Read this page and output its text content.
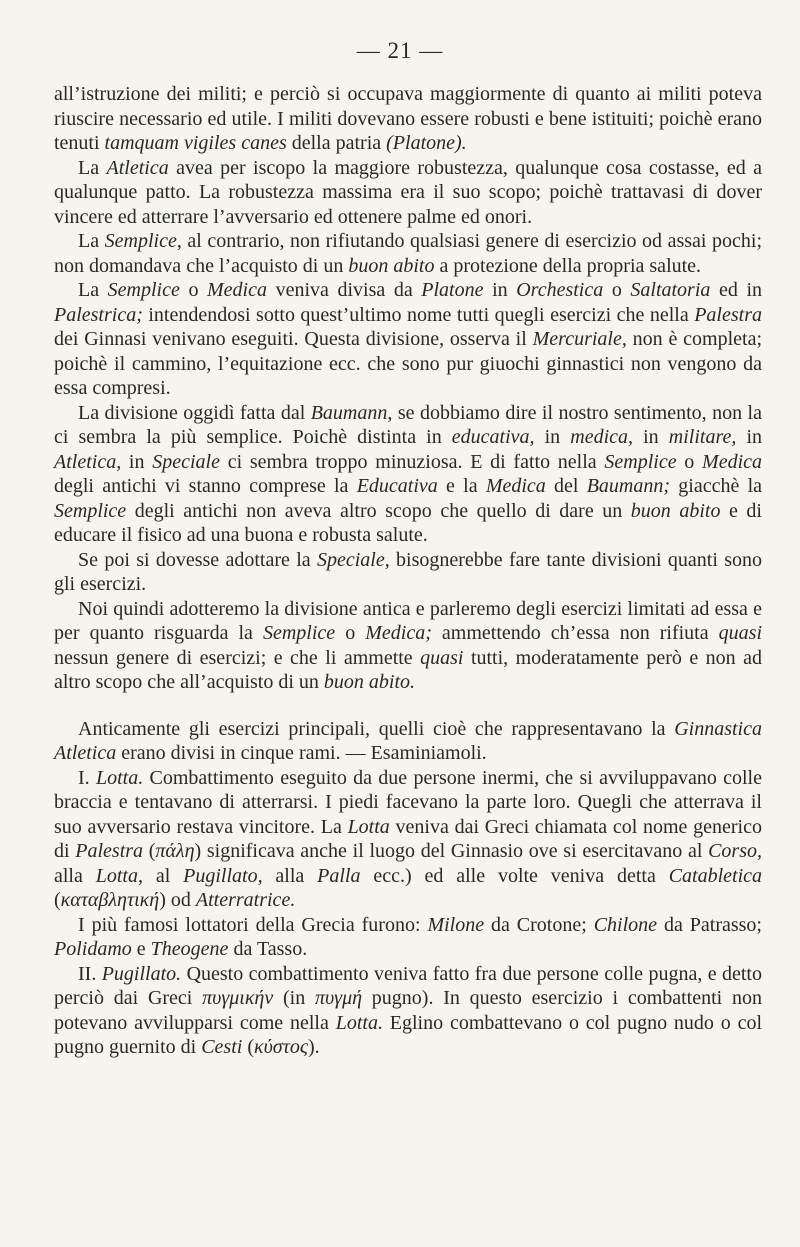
— 21 —

all’istruzione dei militi; e perciò si occupava maggiormente di quanto ai militi poteva riuscire necessario ed utile. I militi dovevano essere robusti e bene istituiti; poichè erano tenuti tamquam vigiles canes della patria (Platone).

La Atletica avea per iscopo la maggiore robustezza, qualunque cosa costasse, ed a qualunque patto. La robustezza massima era il suo scopo; poichè trattavasi di dover vincere ed atterrare l’avversario ed ottenere palme ed onori.

La Semplice, al contrario, non rifiutando qualsiasi genere di esercizio od assai pochi; non domandava che l’acquisto di un buon abito a protezione della propria salute.

La Semplice o Medica veniva divisa da Platone in Orchestica o Saltatoria ed in Palestrica; intendendosi sotto quest’ultimo nome tutti quegli esercizi che nella Palestra dei Ginnasi venivano eseguiti. Questa divisione, osserva il Mercuriale, non è completa; poichè il cammino, l’equitazione ecc. che sono pur giuochi ginnastici non vengono da essa compresi.

La divisione oggidì fatta dal Baumann, se dobbiamo dire il nostro sentimento, non la ci sembra la più semplice. Poichè distinta in educativa, in medica, in militare, in Atletica, in Speciale ci sembra troppo minuziosa. E di fatto nella Semplice o Medica degli antichi vi stanno comprese la Educativa e la Medica del Baumann; giacchè la Semplice degli antichi non aveva altro scopo che quello di dare un buon abito e di educare il fisico ad una buona e robusta salute.

Se poi si dovesse adottare la Speciale, bisognerebbe fare tante divisioni quanti sono gli esercizi.

Noi quindi adotteremo la divisione antica e parleremo degli esercizi limitati ad essa e per quanto risguarda la Semplice o Medica; ammettendo ch’essa non rifiuta quasi nessun genere di esercizi; e che li ammette quasi tutti, moderatamente però e non ad altro scopo che all’acquisto di un buon abito.

Anticamente gli esercizi principali, quelli cioè che rappresentavano la Ginnastica Atletica erano divisi in cinque rami. — Esaminiamoli.

I. Lotta. Combattimento eseguito da due persone inermi, che si avviluppavano colle braccia e tentavano di atterrarsi. I piedi facevano la parte loro. Quegli che atterrava il suo avversario restava vincitore. La Lotta veniva dai Greci chiamata col nome generico di Palestra (πάλη) significava anche il luogo del Ginnasio ove si esercitavano al Corso, alla Lotta, al Pugillato, alla Palla ecc.) ed alle volte veniva detta Catabletica (καταβλητική) od Atterratrice.

I più famosi lottatori della Grecia furono: Milone da Crotone; Chilone da Patrasso; Polidamo e Theogene da Tasso.

II. Pugillato. Questo combattimento veniva fatto fra due persone colle pugna, e detto perciò dai Greci πυγμικήν (in πυγμή pugno). In questo esercizio i combattenti non potevano avvilupparsi come nella Lotta. Eglino combattevano o col pugno nudo o col pugno guernito di Cesti (κύστος).
